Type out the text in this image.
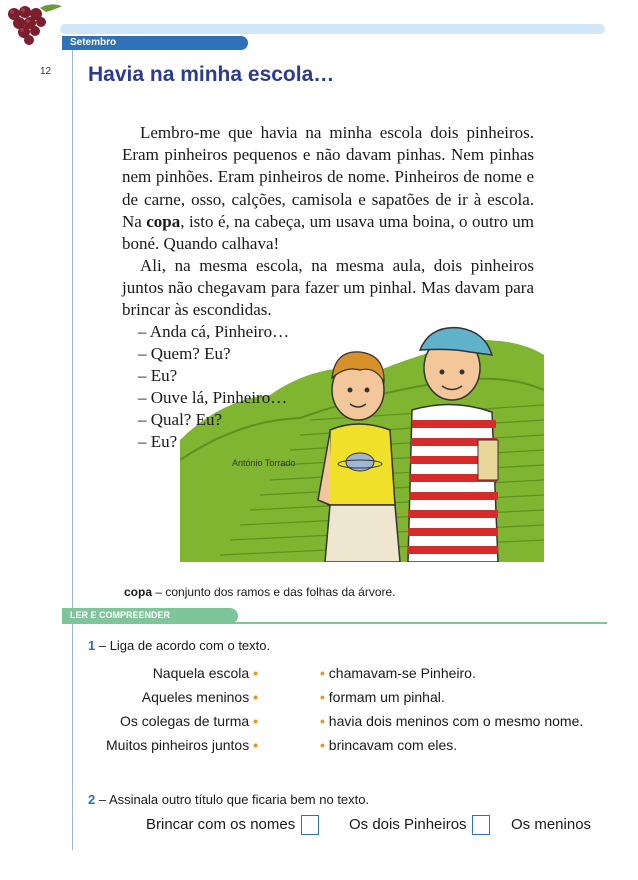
Setembro
12 Havia na minha escola…
Lembro-me que havia na minha escola dois pinheiros. Eram pinheiros pequenos e não davam pinhas. Nem pinhas nem pinhões. Eram pinheiros de nome. Pinheiros de nome e de carne, osso, calções, camisola e sapatões de ir à escola. Na copa, isto é, na cabeça, um usava uma boina, o outro um boné. Quando calhava!
Ali, na mesma escola, na mesma aula, dois pinheiros juntos não chegavam para fazer um pinhal. Mas davam para brincar às escondidas.
– Anda cá, Pinheiro…
– Quem? Eu?
– Eu?
– Ouve lá, Pinheiro…
– Qual? Eu?
– Eu?
António Torrado
copa – conjunto dos ramos e das folhas da árvore.
LER E COMPREENDER
1 – Liga de acordo com o texto.
Naquela escola •
Aqueles meninos •
Os colegas de turma •
Muitos pinheiros juntos •
• chamavam-se Pinheiro.
• formam um pinhal.
• havia dois meninos com o mesmo nome.
• brincavam com eles.
2 – Assinala outro título que ficaria bem no texto.
Brincar com os nomes	Os dois Pinheiros	Os meninos
